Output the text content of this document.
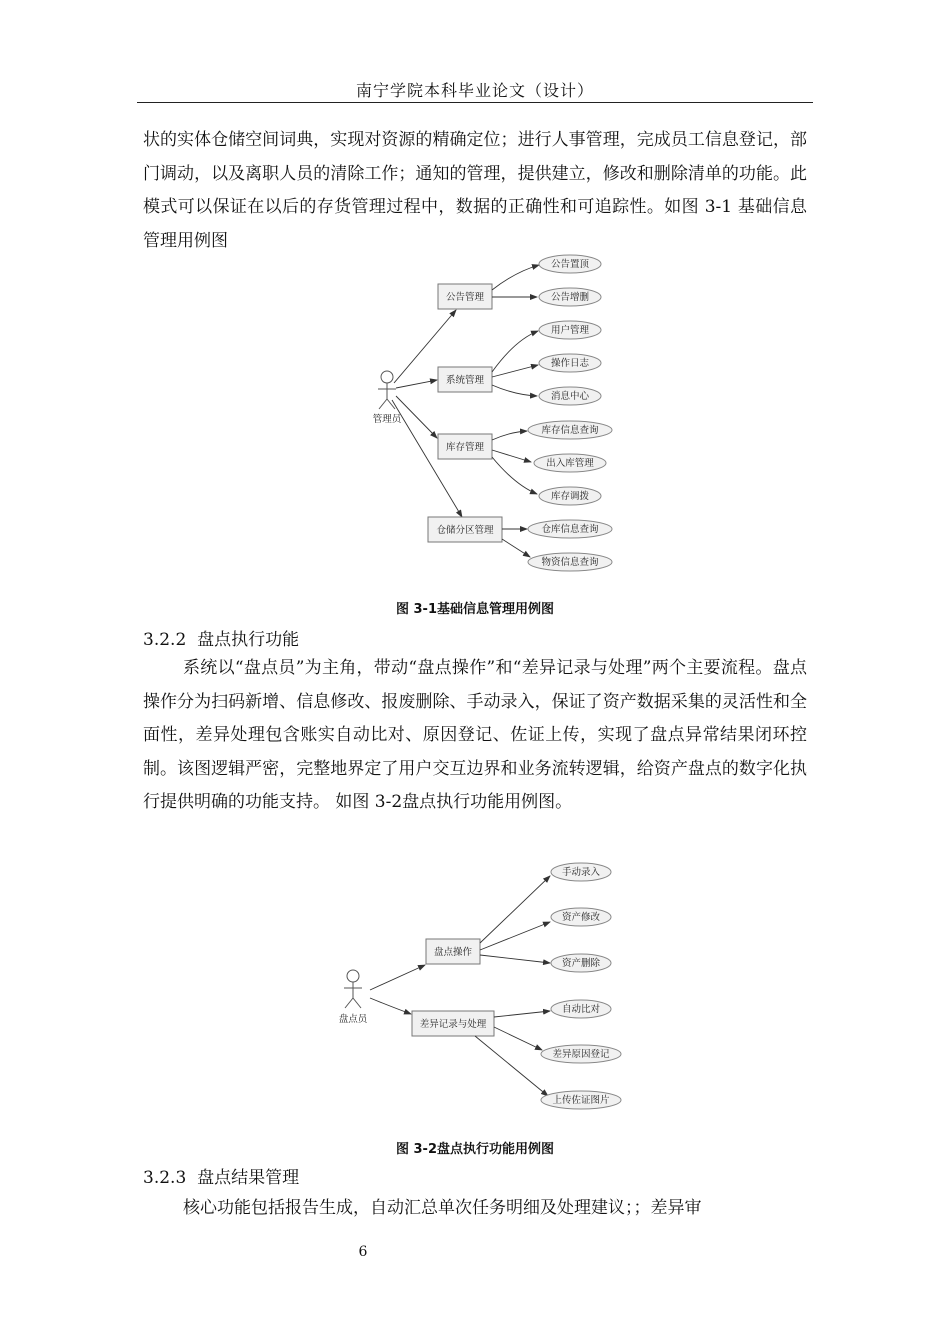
南宁学院本科毕业论文（设计）

状的实体仓储空间词典，实现对资源的精确定位；进行人事管理，完成员工信息登记，部门调动，以及离职人员的清除工作；通知的管理，提供建立，修改和删除清单的功能。此模式可以保证在以后的存货管理过程中，数据的正确性和可追踪性。如图 3-1 基础信息管理用例图

管理员
公告管理
系统管理
库存管理
仓储分区管理
公告置顶
公告增删
用户管理
操作日志
消息中心
库存信息查询
出入库管理
库存调拨
仓库信息查询
物资信息查询
图 3-1基础信息管理用例图
3.2.2 盘点执行功能

系统以“盘点员”为主角，带动“盘点操作”和“差异记录与处理”两个主要流程。盘点操作分为扫码新增、信息修改、报废删除、手动录入，保证了资产数据采集的灵活性和全面性，差异处理包含账实自动比对、原因登记、佐证上传，实现了盘点异常结果闭环控制。该图逻辑严密，完整地界定了用户交互边界和业务流转逻辑，给资产盘点的数字化执行提供明确的功能支持。 如图 3-2盘点执行功能用例图。

盘点员
盘点操作
差异记录与处理
手动录入
资产修改
资产删除
自动比对
差异原因登记
上传佐证图片
图 3-2盘点执行功能用例图
3.2.3 盘点结果管理

核心功能包括报告生成，自动汇总单次任务明细及处理建议；；差异审

6
